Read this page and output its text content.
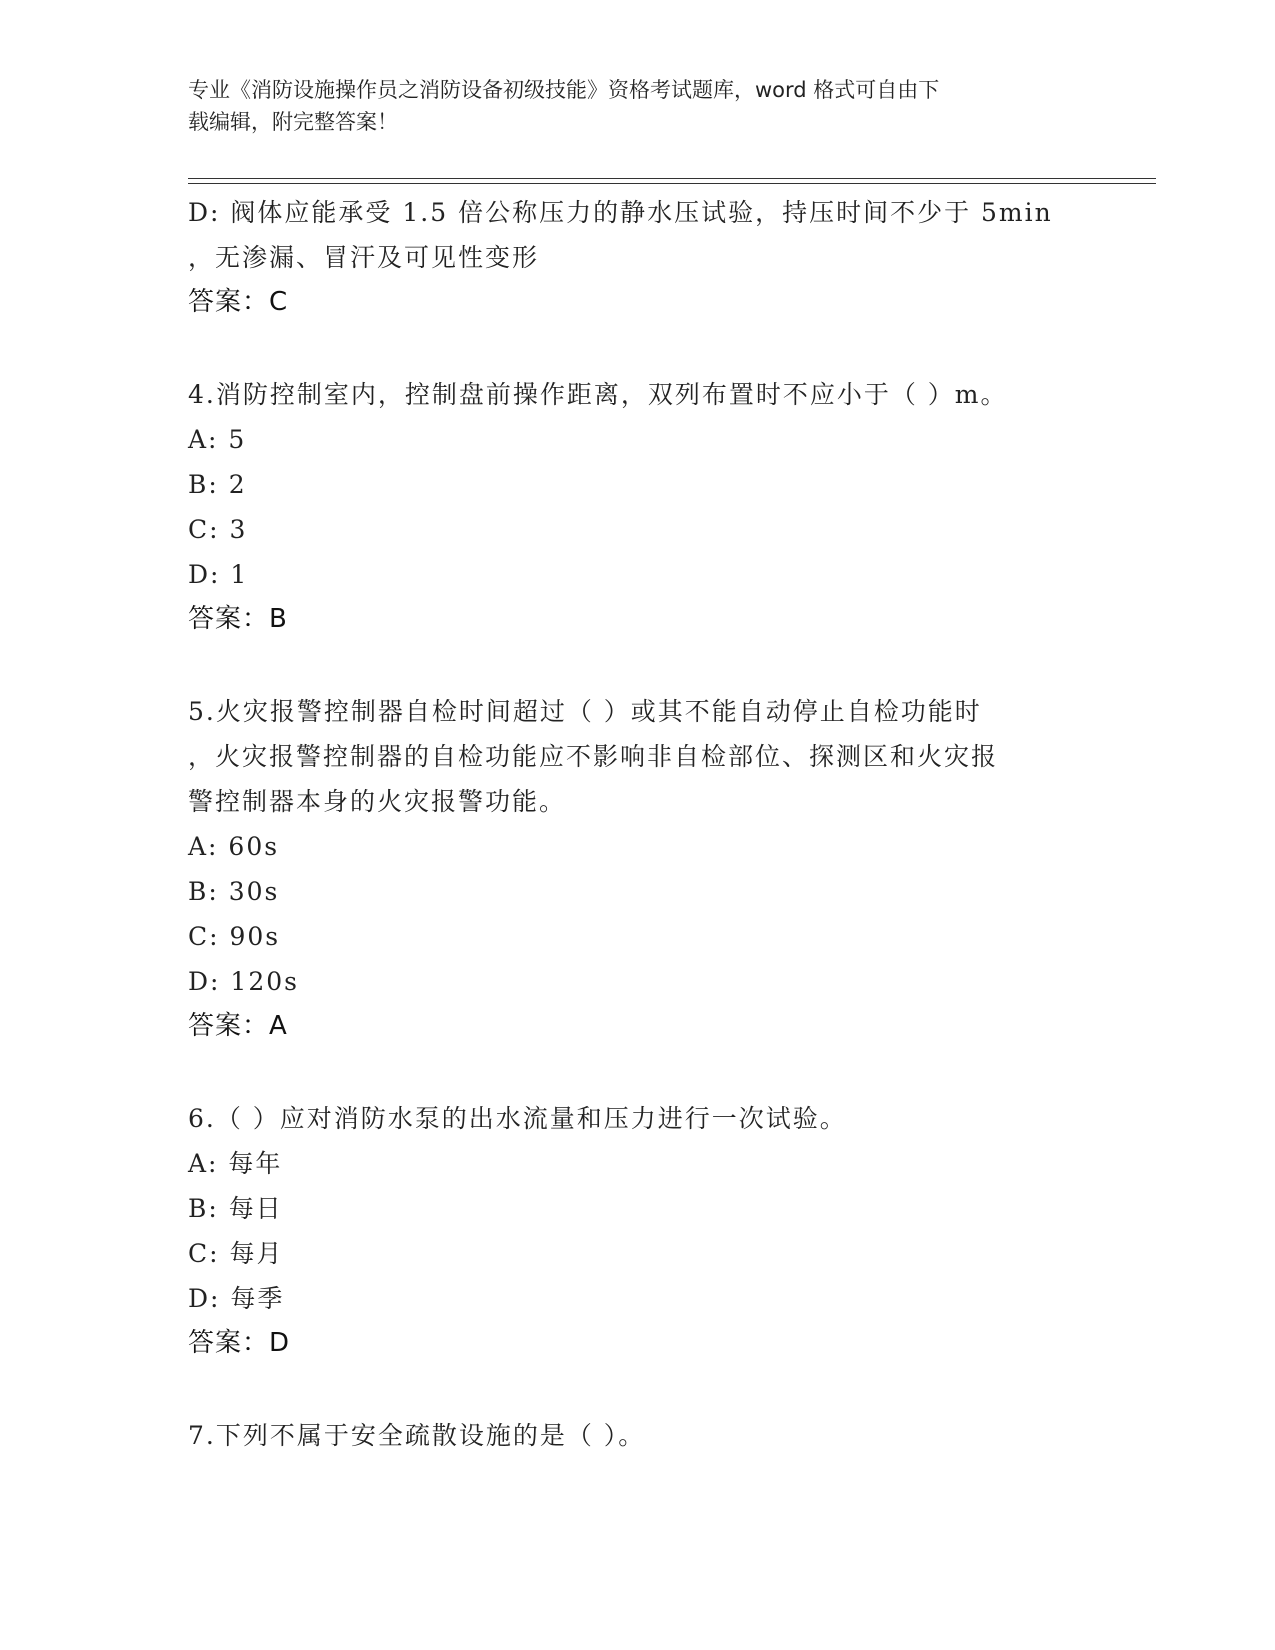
专业《消防设施操作员之消防设备初级技能》资格考试题库，word 格式可自由下
载编辑，附完整答案！
D: 阀体应能承受 1.5 倍公称压力的静水压试验，持压时间不少于 5min
，无渗漏、冒汗及可见性变形
答案：C
4.消防控制室内，控制盘前操作距离，双列布置时不应小于（ ）m。
A: 5
B: 2
C: 3
D: 1
答案：B
5.火灾报警控制器自检时间超过（ ）或其不能自动停止自检功能时
，火灾报警控制器的自检功能应不影响非自检部位、探测区和火灾报
警控制器本身的火灾报警功能。
A: 60s
B: 30s
C: 90s
D: 120s
答案：A
6.（ ）应对消防水泵的出水流量和压力进行一次试验。
A: 每年
B: 每日
C: 每月
D: 每季
答案：D
7.下列不属于安全疏散设施的是（ ）。
